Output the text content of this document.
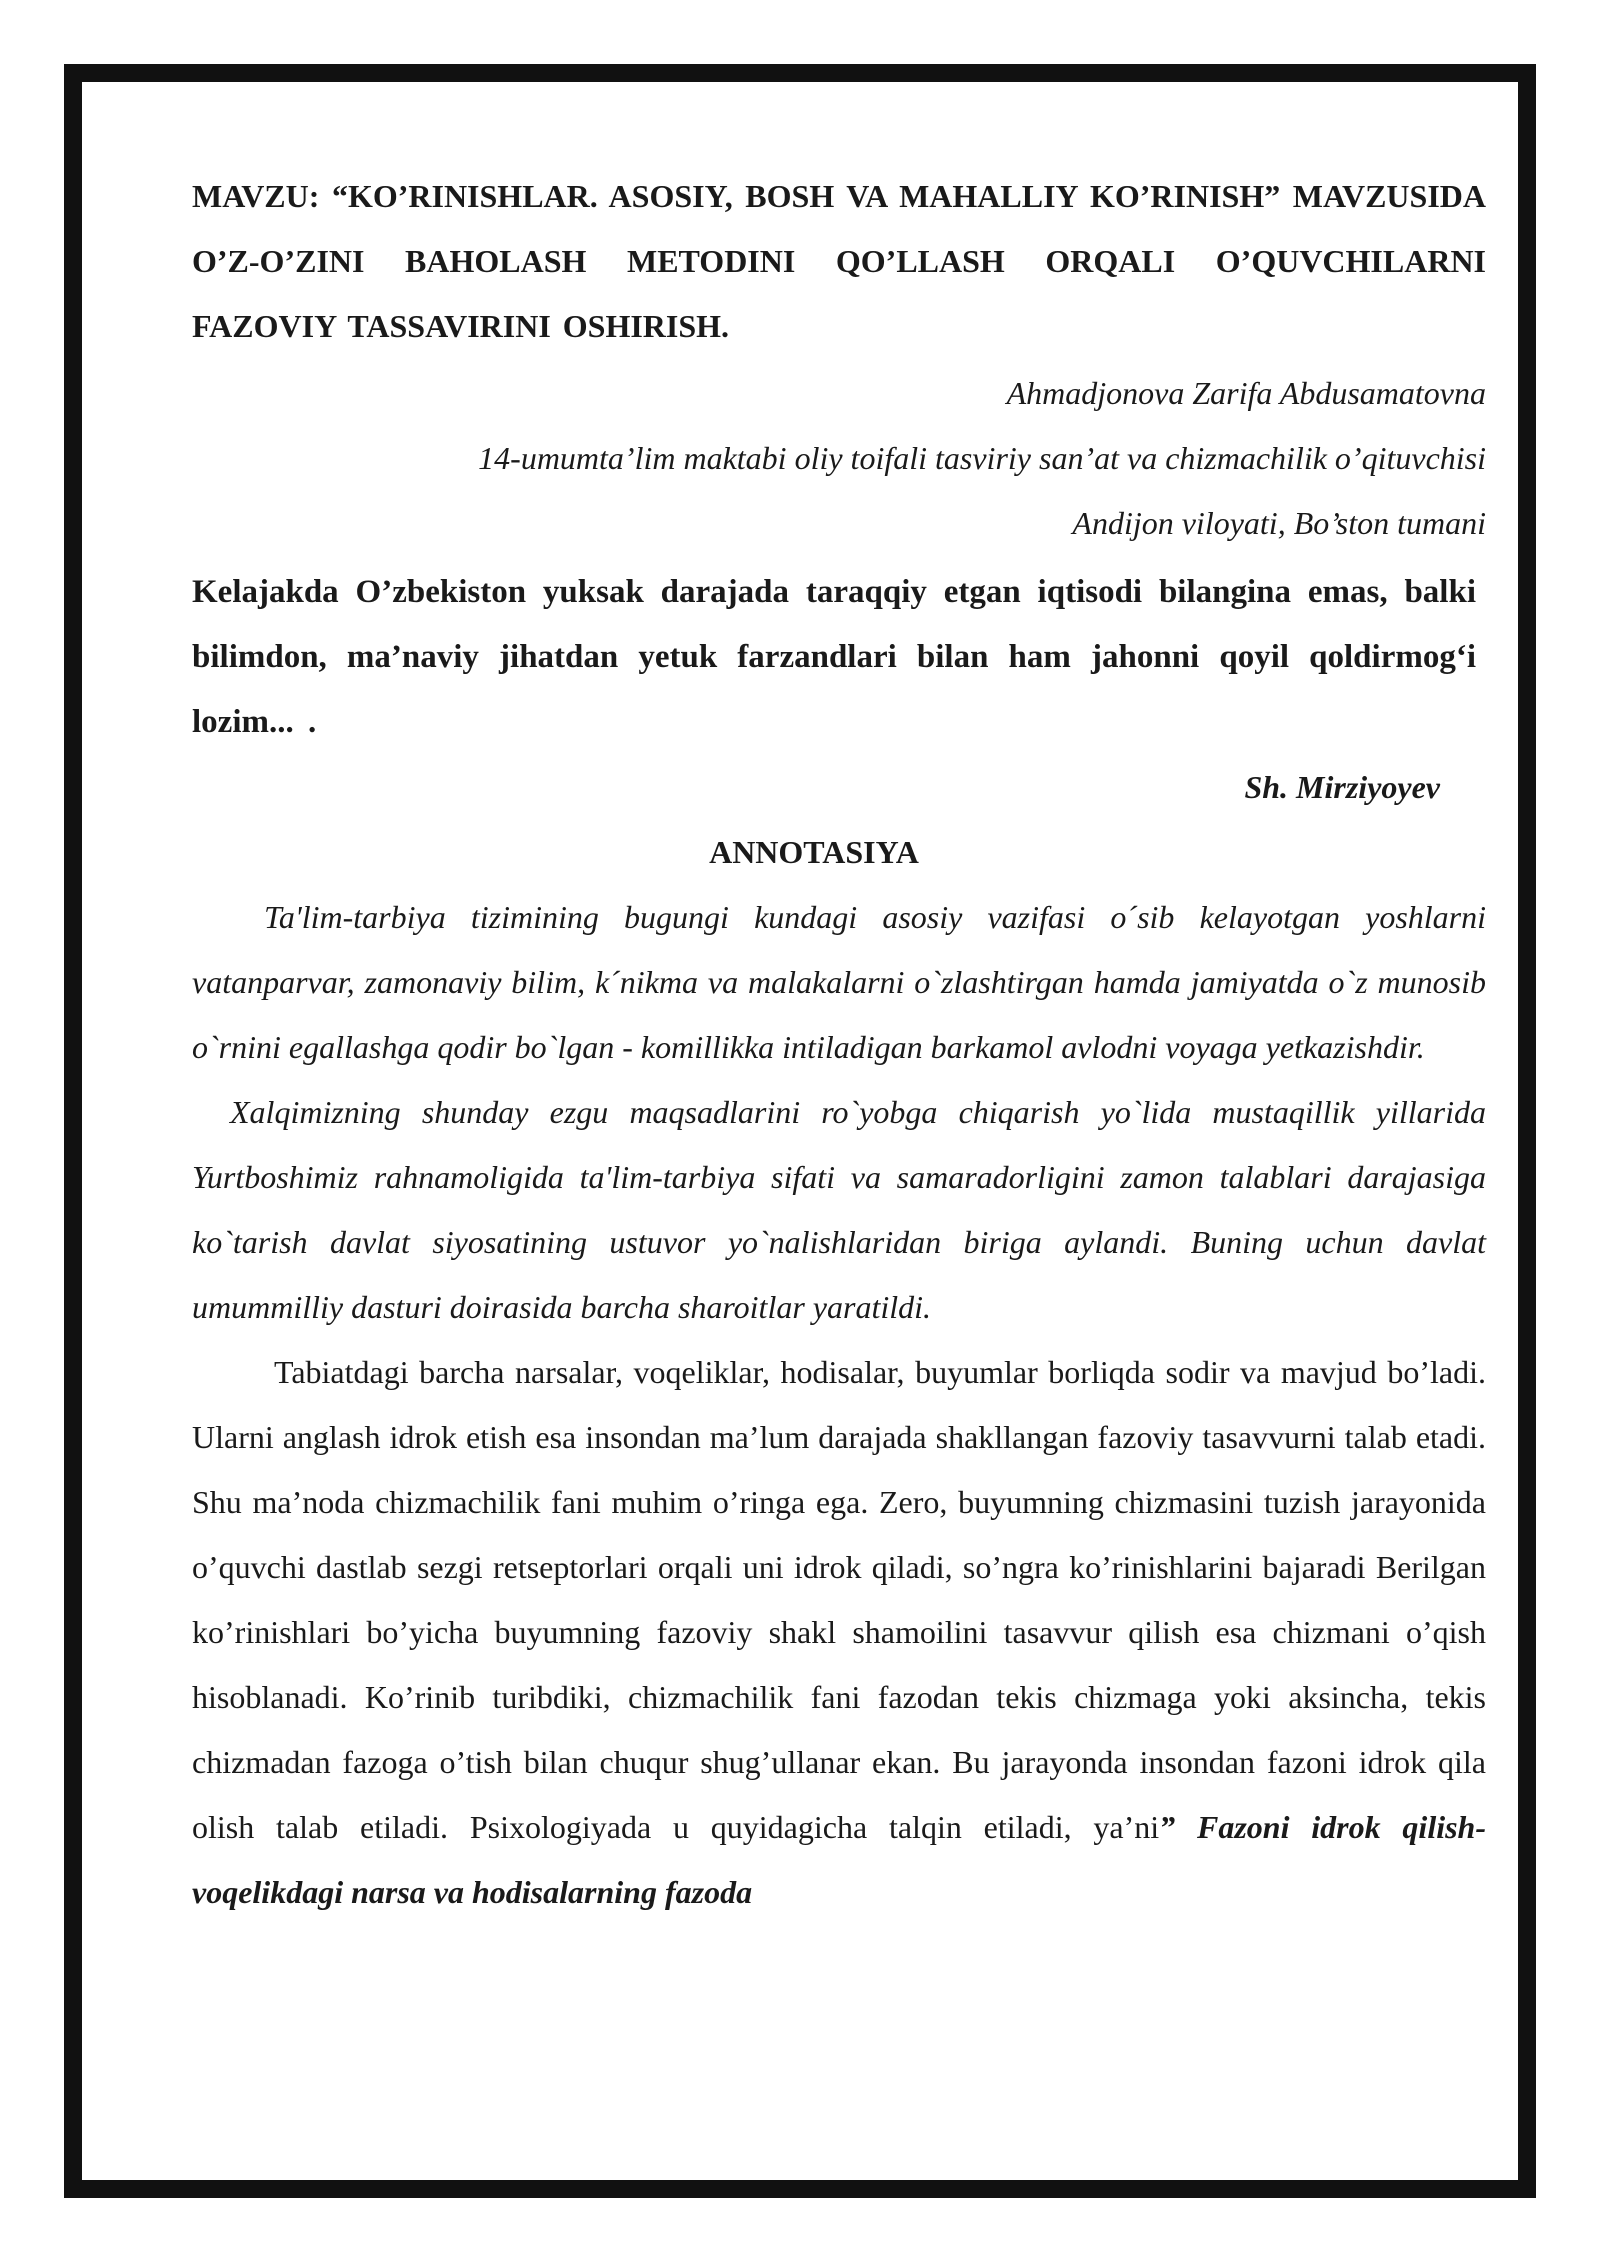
MAVZU: “KO’RINISHLAR. ASOSIY, BOSH VA MAHALLIY KO’RINISH” MAVZUSIDA O’Z-O’ZINI BAHOLASH METODINI QO’LLASH ORQALI O’QUVCHILARNI FAZOVIY TASSAVIRINI OSHIRISH.
Ahmadjonova Zarifa Abdusamatovna
14-umumta’lim maktabi oliy toifali tasviriy san’at va chizmachilik o’qituvchisi
Andijon viloyati, Bo’ston tumani
Kelajakda O’zbekiston yuksak darajada taraqqiy etgan iqtisodi bilangina emas, balki bilimdon, ma’naviy jihatdan yetuk farzandlari bilan ham jahonni qoyil qoldirmog‘i lozim... .
Sh. Mirziyoyev
ANNOTASIYA

Ta'lim-tarbiya tizimining bugungi kundagi asosiy vazifasi o´sib kelayotgan yoshlarni vatanparvar, zamonaviy bilim, k´nikma va malakalarni o`zlashtirgan hamda jamiyatda o`z munosib o`rnini egallashga qodir bo`lgan - komillikka intiladigan barkamol avlodni voyaga yetkazishdir.

Xalqimizning shunday ezgu maqsadlarini ro`yobga chiqarish yo`lida mustaqillik yillarida Yurtboshimiz rahnamoligida ta'lim-tarbiya sifati va samaradorligini zamon talablari darajasiga ko`tarish davlat siyosatining ustuvor yo`nalishlaridan biriga aylandi. Buning uchun davlat umummilliy dasturi doirasida barcha sharoitlar yaratildi.

Tabiatdagi barcha narsalar, voqeliklar, hodisalar, buyumlar borliqda sodir va mavjud bo’ladi. Ularni anglash idrok etish esa insondan ma’lum darajada shakllangan fazoviy tasavvurni talab etadi. Shu ma’noda chizmachilik fani muhim o’ringa ega. Zero, buyumning chizmasini tuzish jarayonida o’quvchi dastlab sezgi retseptorlari orqali uni idrok qiladi, so’ngra ko’rinishlarini bajaradi Berilgan ko’rinishlari bo’yicha buyumning fazoviy shakl shamoilini tasavvur qilish esa chizmani o’qish hisoblanadi. Ko’rinib turibdiki, chizmachilik fani fazodan tekis chizmaga yoki aksincha, tekis chizmadan fazoga o’tish bilan chuqur shug’ullanar ekan. Bu jarayonda insondan fazoni idrok qila olish talab etiladi. Psixologiyada u quyidagicha talqin etiladi, ya’ni” Fazoni idrok qilish- voqelikdagi narsa va hodisalarning fazoda
